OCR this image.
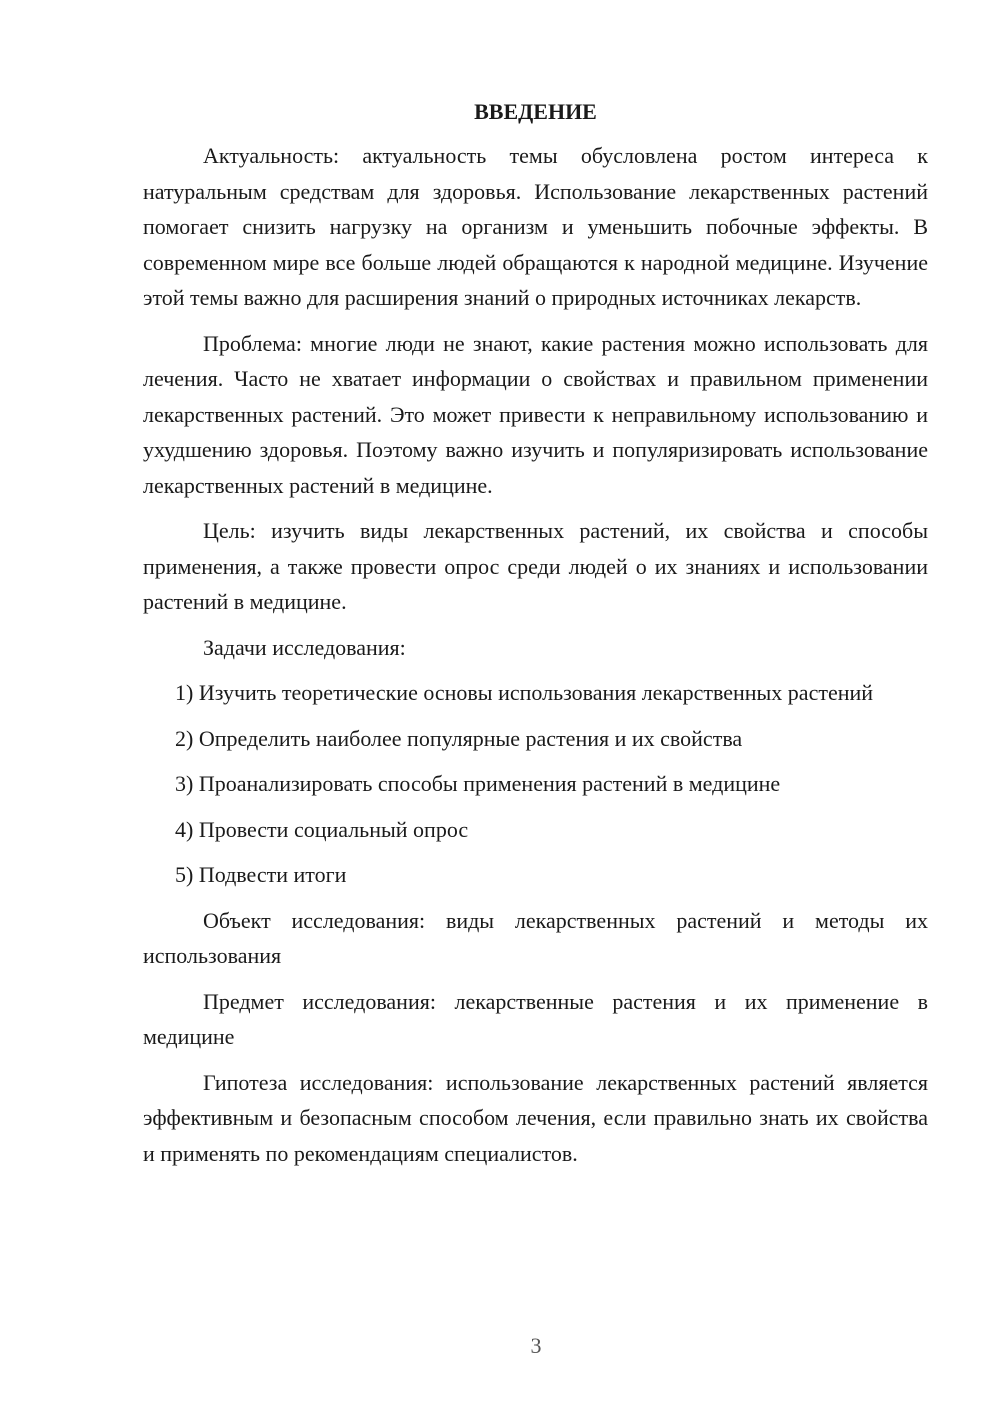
ВВЕДЕНИЕ

Актуальность: актуальность темы обусловлена ростом интереса к натуральным средствам для здоровья. Использование лекарственных растений помогает снизить нагрузку на организм и уменьшить побочные эффекты. В современном мире все больше людей обращаются к народной медицине. Изучение этой темы важно для расширения знаний о природных источниках лекарств.

Проблема: многие люди не знают, какие растения можно использовать для лечения. Часто не хватает информации о свойствах и правильном применении лекарственных растений. Это может привести к неправильному использованию и ухудшению здоровья. Поэтому важно изучить и популяризировать использование лекарственных растений в медицине.

Цель: изучить виды лекарственных растений, их свойства и способы применения, а также провести опрос среди людей о их знаниях и использовании растений в медицине.

Задачи исследования:

1) Изучить теоретические основы использования лекарственных растений

2) Определить наиболее популярные растения и их свойства

3) Проанализировать способы применения растений в медицине

4) Провести социальный опрос

5) Подвести итоги

Объект исследования: виды лекарственных растений и методы их использования

Предмет исследования: лекарственные растения и их применение в медицине

Гипотеза исследования: использование лекарственных растений является эффективным и безопасным способом лечения, если правильно знать их свойства и применять по рекомендациям специалистов.

3
